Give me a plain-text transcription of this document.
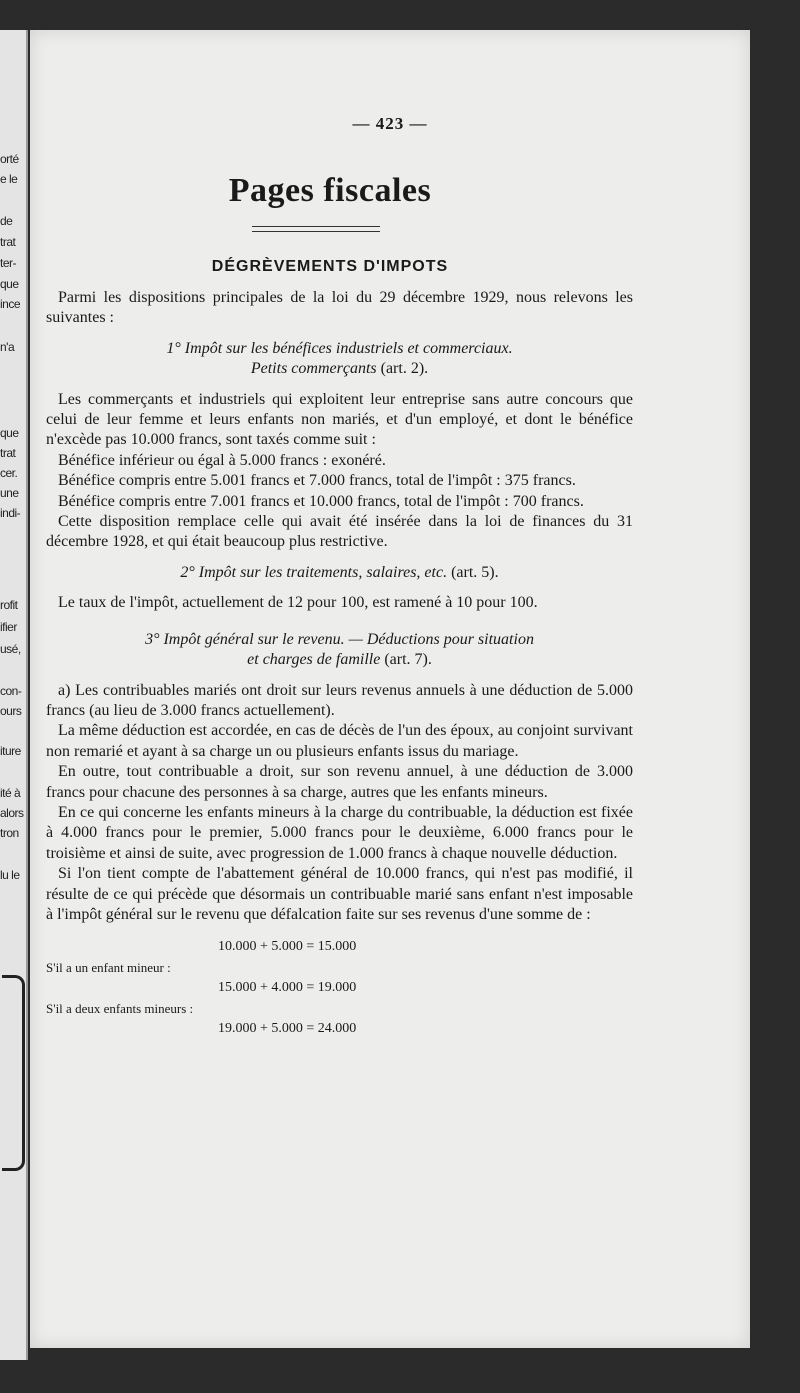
orté
e le
de
trat
ter-
que
ince
n'a
que
trat
cer.
une
indi-
rofit
ifier
usé,
con-
ours
iture
ité à
alors
tron
lu le
— 423 —
Pages fiscales
DÉGRÈVEMENTS D'IMPOTS

Parmi les dispositions principales de la loi du 29 décembre 1929, nous relevons les suivantes :

1° Impôt sur les bénéfices industriels et commerciaux.
Petits commerçants (art. 2).

Les commerçants et industriels qui exploitent leur entreprise sans autre concours que celui de leur femme et leurs enfants non mariés, et d'un employé, et dont le bénéfice n'excède pas 10.000 francs, sont taxés comme suit :

Bénéfice inférieur ou égal à 5.000 francs : exonéré.

Bénéfice compris entre 5.001 francs et 7.000 francs, total de l'impôt : 375 francs.

Bénéfice compris entre 7.001 francs et 10.000 francs, total de l'impôt : 700 francs.

Cette disposition remplace celle qui avait été insérée dans la loi de finances du 31 décembre 1928, et qui était beaucoup plus restrictive.

2° Impôt sur les traitements, salaires, etc. (art. 5).

Le taux de l'impôt, actuellement de 12 pour 100, est ramené à 10 pour 100.

3° Impôt général sur le revenu. — Déductions pour situation
et charges de famille (art. 7).

a) Les contribuables mariés ont droit sur leurs revenus annuels à une déduction de 5.000 francs (au lieu de 3.000 francs actuellement).

La même déduction est accordée, en cas de décès de l'un des époux, au conjoint survivant non remarié et ayant à sa charge un ou plusieurs enfants issus du mariage.

En outre, tout contribuable a droit, sur son revenu annuel, à une déduction de 3.000 francs pour chacune des personnes à sa charge, autres que les enfants mineurs.

En ce qui concerne les enfants mineurs à la charge du contribuable, la déduction est fixée à 4.000 francs pour le premier, 5.000 francs pour le deuxième, 6.000 francs pour le troisième et ainsi de suite, avec progression de 1.000 francs à chaque nouvelle déduction.

Si l'on tient compte de l'abattement général de 10.000 francs, qui n'est pas modifié, il résulte de ce qui précède que désormais un contribuable marié sans enfant n'est imposable à l'impôt général sur le revenu que défalcation faite sur ses revenus d'une somme de :

10.000 + 5.000 = 15.000

S'il a un enfant mineur :

15.000 + 4.000 = 19.000

S'il a deux enfants mineurs :

19.000 + 5.000 = 24.000
